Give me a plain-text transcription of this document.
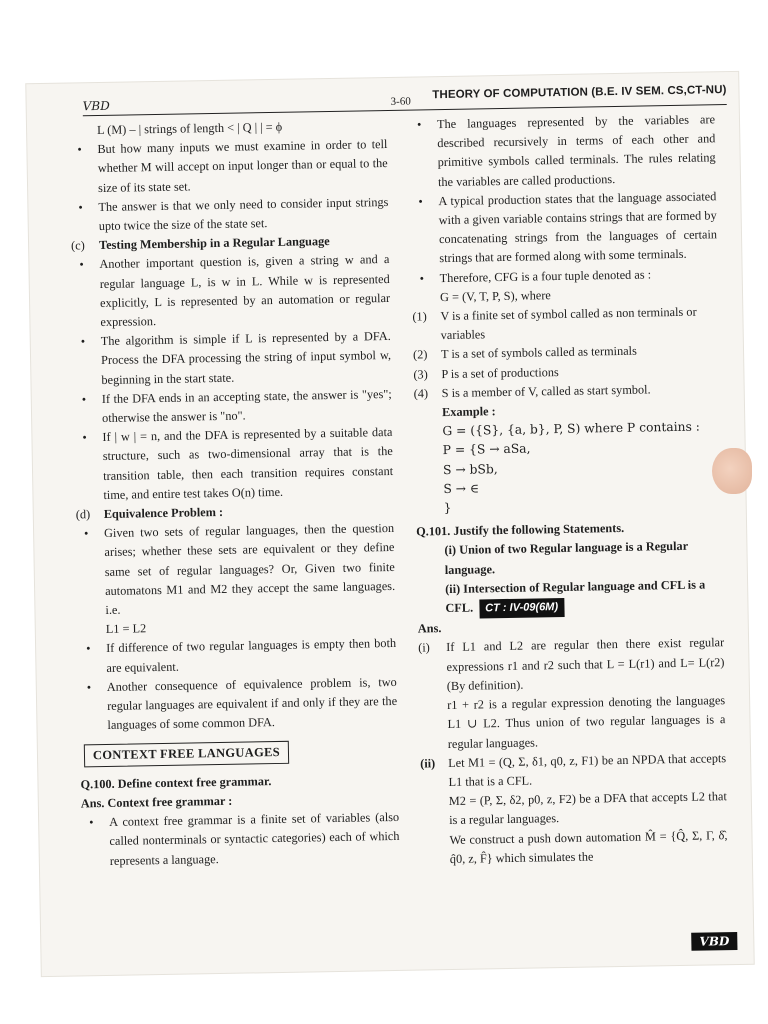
VBD	3-60
THEORY OF COMPUTATION (B.E. IV SEM. CS,CT-NU)
L (M) – | strings of length < | Q | | = ϕ
•	But how many inputs we must examine in order to tell whether M will accept on input longer than or equal to the size of its state set.
•	The answer is that we only need to consider input strings upto twice the size of the state set.
(c) Testing Membership in a Regular Language
•	Another important question is, given a string w and a regular language L, is w in L. While w is represented explicitly, L is represented by an automation or regular expression.
•	The algorithm is simple if L is represented by a DFA. Process the DFA processing the string of input symbol w, beginning in the start state.
•	If the DFA ends in an accepting state, the answer is "yes"; otherwise the answer is "no".
•	If | w | = n, and the DFA is represented by a suitable data structure, such as two-dimensional array that is the transition table, then each transition requires constant time, and entire test takes O(n) time.
(d) Equivalence Problem :
•	Given two sets of regular languages, then the question arises; whether these sets are equivalent or they define same set of regular languages? Or, Given two finite automatons M1 and M2 they accept the same languages. i.e.
L1 = L2
•	If difference of two regular languages is empty then both are equivalent.
•	Another consequence of equivalence problem is, two regular languages are equivalent if and only if they are the languages of some common DFA.
CONTEXT FREE LANGUAGES
Q.100. Define context free grammar.
Ans. Context free grammar :
•	A context free grammar is a finite set of variables (also called nonterminals or syntactic categories) each of which represents a language.
•	The languages represented by the variables are described recursively in terms of each other and primitive symbols called terminals. The rules relating the variables are called productions.
•	A typical production states that the language associated with a given variable contains strings that are formed by concatenating strings from the languages of certain strings that are formed along with some terminals.
•	Therefore, CFG is a four tuple denoted as :
G = (V, T, P, S), where
(1)	V is a finite set of symbol called as non terminals or variables
(2)	T is a set of symbols called as terminals
(3)	P is a set of productions
(4)	S is a member of V, called as start symbol.
Example :
G = ({S}, {a, b}, P, S) where P contains :
P = {S → aSa,
S → bSb,
S → ∈
}
Q.101. Justify the following Statements.
(i) Union of two Regular language is a Regular language.
(ii) Intersection of Regular language and CFL is a CFL. CT : IV-09(6M)
Ans.
(i)	If L1 and L2 are regular then there exist regular expressions r1 and r2 such that L = L(r1) and L= L(r2) (By definition).
r1 + r2 is a regular expression denoting the languages L1 ∪ L2. Thus union of two regular languages is a regular languages.
(ii)	Let M1 = (Q, Σ, δ1, q0, z, F1) be an NPDA that accepts L1 that is a CFL.
M2 = (P, Σ, δ2, p0, z, F2) be a DFA that accepts L2 that is a regular languages.
We construct a push down automation M̂ = {Q̂, Σ, Γ, δ̂, q̂0, z, F̂} which simulates the
VBD
